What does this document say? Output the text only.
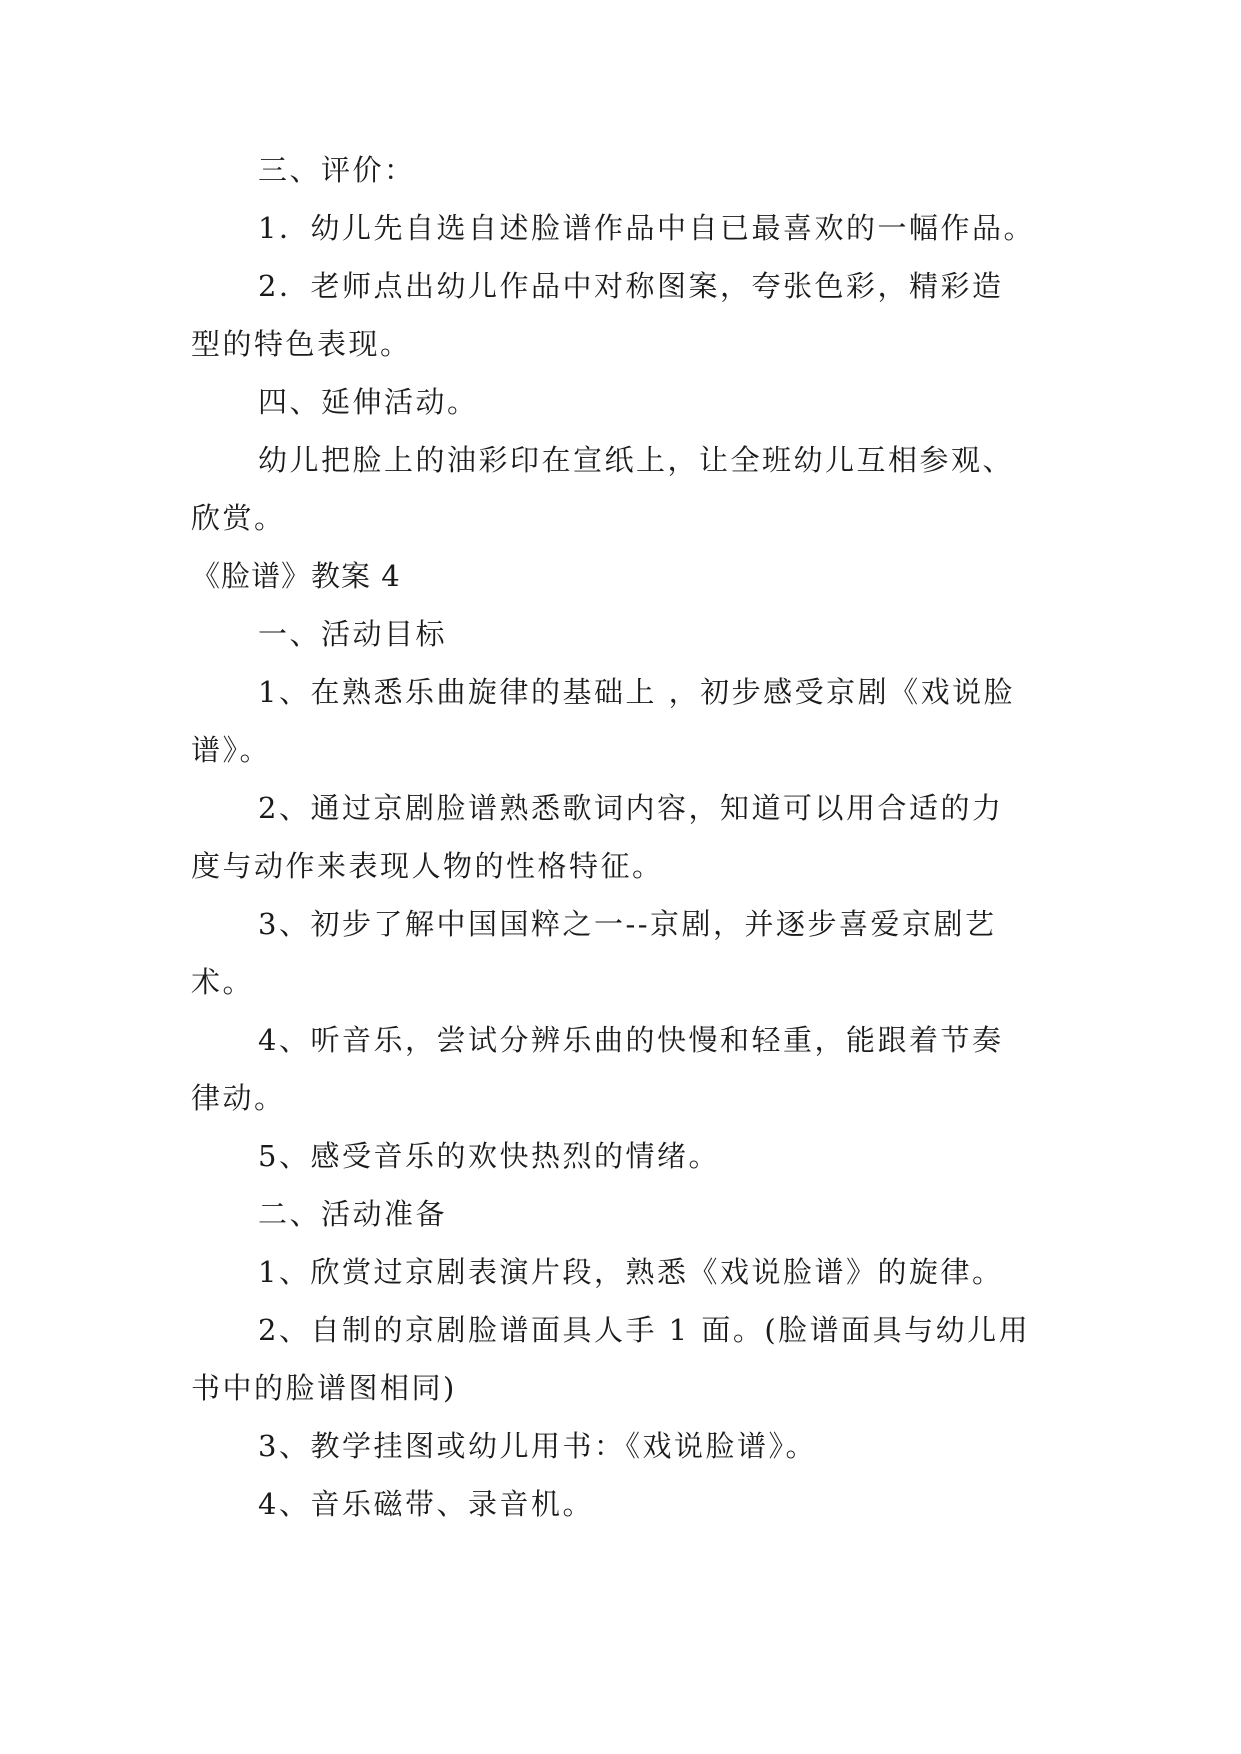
三、评价：
1．幼儿先自选自述脸谱作品中自已最喜欢的一幅作品。
2．老师点出幼儿作品中对称图案，夸张色彩，精彩造
型的特色表现。
四、延伸活动。
幼儿把脸上的油彩印在宣纸上，让全班幼儿互相参观、
欣赏。
《脸谱》教案 4
一、活动目标
1、在熟悉乐曲旋律的基础上 ，初步感受京剧《戏说脸
谱》。
2、通过京剧脸谱熟悉歌词内容，知道可以用合适的力
度与动作来表现人物的性格特征。
3、初步了解中国国粹之一--京剧，并逐步喜爱京剧艺
术。
4、听音乐，尝试分辨乐曲的快慢和轻重，能跟着节奏
律动。
5、感受音乐的欢快热烈的情绪。
二、活动准备
1、欣赏过京剧表演片段，熟悉《戏说脸谱》的旋律。
2、自制的京剧脸谱面具人手 1 面。(脸谱面具与幼儿用
书中的脸谱图相同)
3、教学挂图或幼儿用书：《戏说脸谱》。
4、音乐磁带、录音机。
